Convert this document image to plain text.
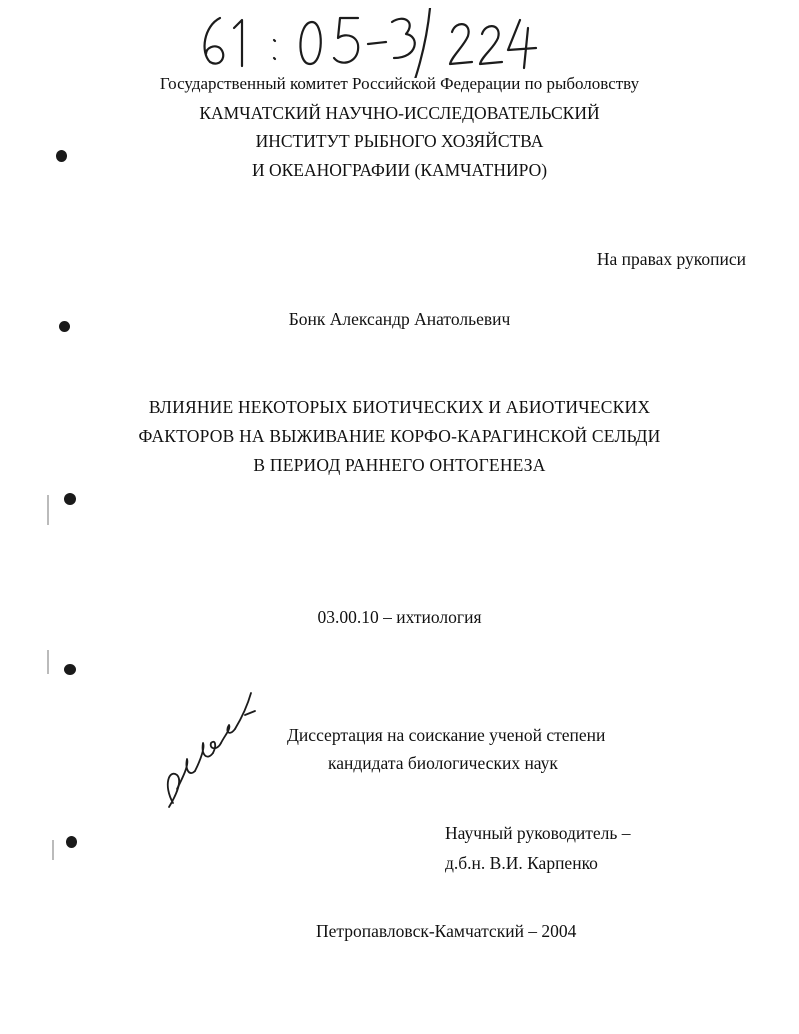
Государственный комитет Российской Федерации по рыболовству
КАМЧАТСКИЙ НАУЧНО-ИССЛЕДОВАТЕЛЬСКИЙ
ИНСТИТУТ РЫБНОГО ХОЗЯЙСТВА
И ОКЕАНОГРАФИИ (КАМЧАТНИРО)
На правах рукописи
Бонк Александр Анатольевич
ВЛИЯНИЕ НЕКОТОРЫХ БИОТИЧЕСКИХ И АБИОТИЧЕСКИХ
ФАКТОРОВ НА ВЫЖИВАНИЕ КОРФО-КАРАГИНСКОЙ СЕЛЬДИ
В ПЕРИОД РАННЕГО ОНТОГЕНЕЗА
03.00.10 – ихтиология
Диссертация на соискание ученой степени
кандидата биологических наук
Научный руководитель –
д.б.н. В.И. Карпенко
Петропавловск-Камчатский – 2004
